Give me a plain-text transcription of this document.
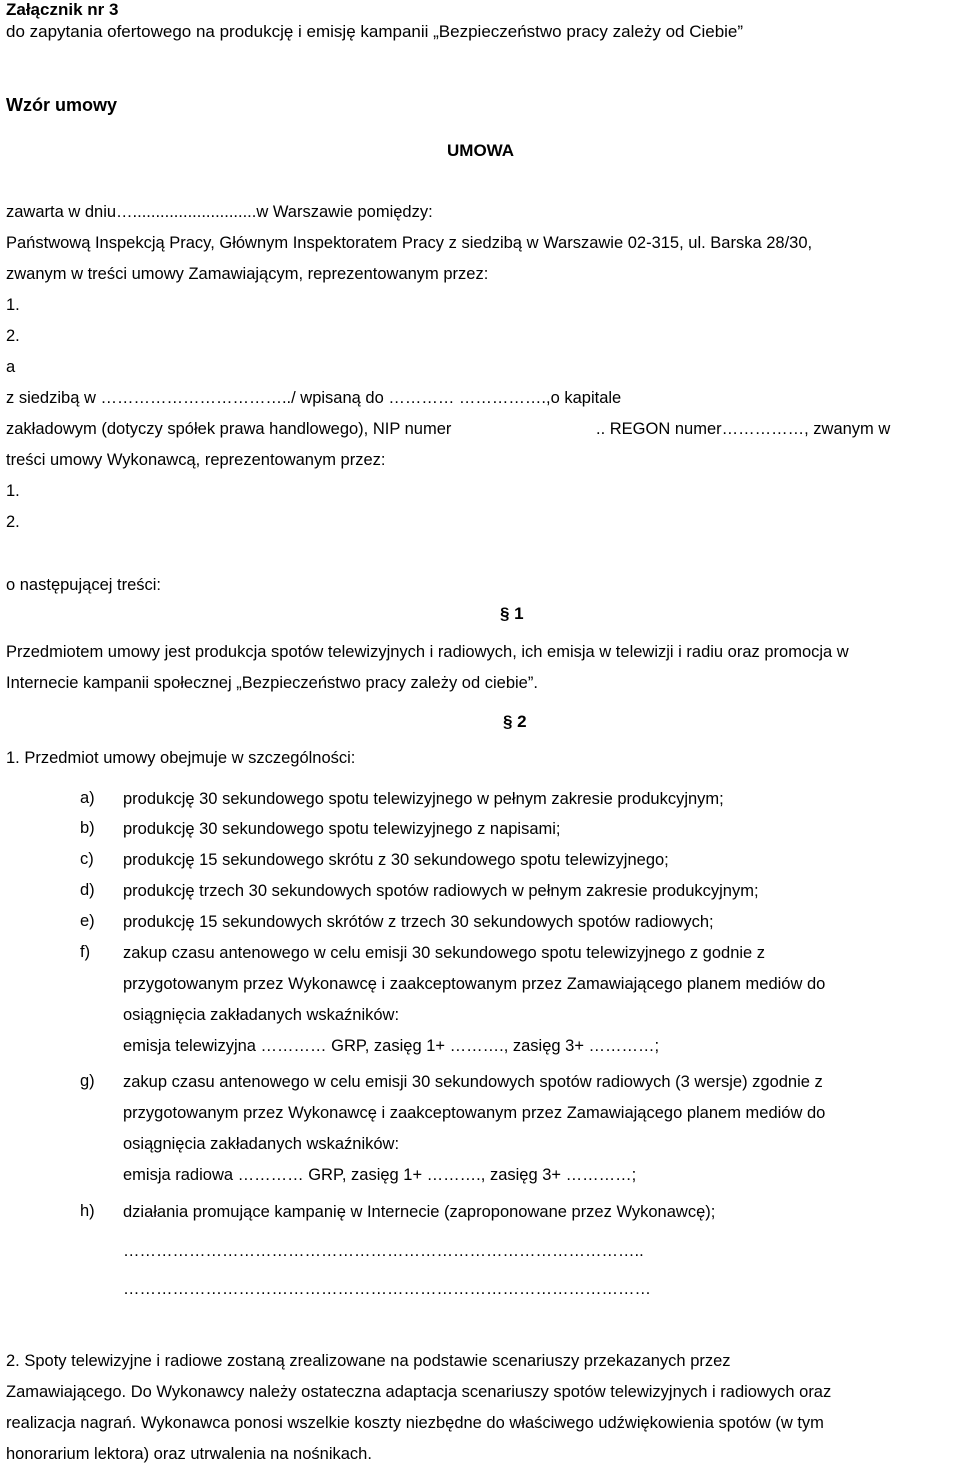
Załącznik nr 3
do zapytania ofertowego na produkcję i emisję kampanii „Bezpieczeństwo pracy zależy od Ciebie”
Wzór umowy
UMOWA
zawarta w dniu…...........................w Warszawie pomiędzy:
Państwową Inspekcją Pracy, Głównym Inspektoratem Pracy z siedzibą w Warszawie 02-315, ul. Barska 28/30,
zwanym w treści umowy Zamawiającym, reprezentowanym przez:
1.
2.
a
z siedzibą w ……………………………../ wpisaną do ………… …………….,o kapitale
zakładowym (dotyczy spółek prawa handlowego), NIP numer	.. REGON numer……………, zwanym w
treści umowy Wykonawcą, reprezentowanym przez:
1.
2.
o następującej treści:
§ 1
Przedmiotem umowy jest produkcja spotów telewizyjnych i radiowych, ich emisja w telewizji i radiu oraz promocja w
Internecie kampanii społecznej „Bezpieczeństwo pracy zależy od ciebie”.
§ 2
1. Przedmiot umowy obejmuje w szczególności:
a) produkcję 30 sekundowego spotu telewizyjnego w pełnym zakresie produkcyjnym;
b) produkcję 30 sekundowego spotu telewizyjnego z napisami;
c) produkcję 15 sekundowego skrótu z 30 sekundowego spotu telewizyjnego;
d) produkcję trzech 30 sekundowych spotów radiowych w pełnym zakresie produkcyjnym;
e) produkcję 15 sekundowych skrótów z trzech 30 sekundowych spotów radiowych;
f) zakup czasu antenowego w celu emisji 30 sekundowego spotu telewizyjnego z godnie z
przygotowanym przez Wykonawcę i zaakceptowanym przez Zamawiającego planem mediów do
osiągnięcia zakładanych wskaźników:
emisja telewizyjna ………… GRP, zasięg 1+ ………., zasięg 3+ …………;
g) zakup czasu antenowego w celu emisji 30 sekundowych spotów radiowych (3 wersje) zgodnie z
przygotowanym przez Wykonawcę i zaakceptowanym przez Zamawiającego planem mediów do
osiągnięcia zakładanych wskaźników:
emisja radiowa ………… GRP, zasięg 1+ ………., zasięg 3+ …………;
h) działania promujące kampanię w Internecie (zaproponowane przez Wykonawcę);
…………………………………………………………………………………..
……………………………………………………………………………………
2. Spoty telewizyjne i radiowe zostaną zrealizowane na podstawie scenariuszy przekazanych przez
Zamawiającego. Do Wykonawcy należy ostateczna adaptacja scenariuszy spotów telewizyjnych i radiowych oraz
realizacja nagrań. Wykonawca ponosi wszelkie koszty niezbędne do właściwego udźwiękowienia spotów (w tym
honorarium lektora) oraz utrwalenia na nośnikach.
